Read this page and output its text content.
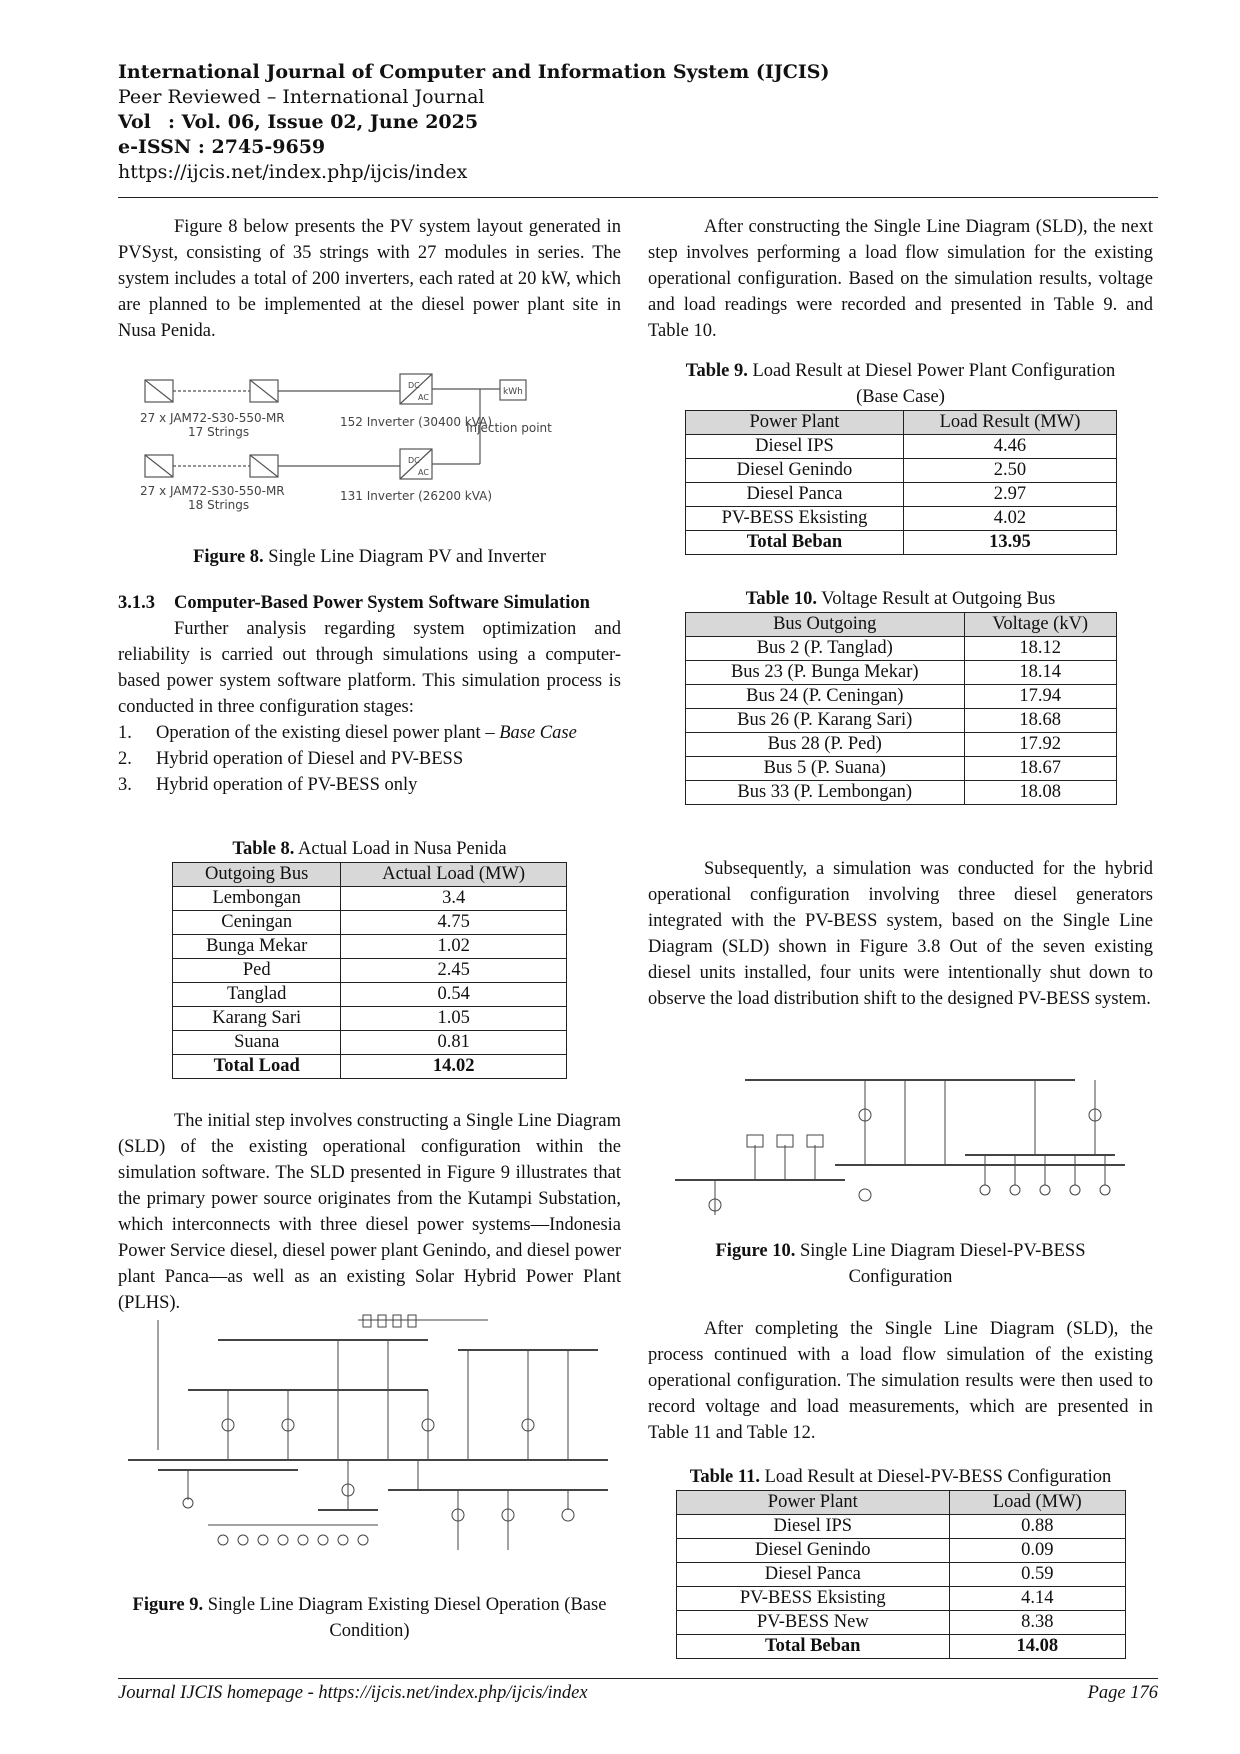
International Journal of Computer and Information System (IJCIS)
Peer Reviewed – International Journal
Vol : Vol. 06, Issue 02, June 2025
e-ISSN : 2745-9659
https://ijcis.net/index.php/ijcis/index

Figure 8 below presents the PV system layout generated in PVSyst, consisting of 35 strings with 27 modules in series. The system includes a total of 200 inverters, each rated at 20 kW, which are planned to be implemented at the diesel power plant site in Nusa Penida.

DC
AC
DC
AC
kWh
27 x JAM72-S30-550-MR
17 Strings
152 Inverter (30400 kVA)
Injection point
27 x JAM72-S30-550-MR
18 Strings
131 Inverter (26200 kVA)
Figure 8. Single Line Diagram PV and Inverter
3.1.3	Computer-Based Power System Software Simulation

Further analysis regarding system optimization and reliability is carried out through simulations using a computer-based power system software platform. This simulation process is conducted in three configuration stages:

1.	Operation of the existing diesel power plant – Base Case
2.	Hybrid operation of Diesel and PV-BESS
3.	Hybrid operation of PV-BESS only
Table 8. Actual Load in Nusa Penida
Outgoing Bus	Actual Load (MW)
Lembongan	3.4
Ceningan	4.75
Bunga Mekar	1.02
Ped	2.45
Tanglad	0.54
Karang Sari	1.05
Suana	0.81
Total Load	14.02

The initial step involves constructing a Single Line Diagram (SLD) of the existing operational configuration within the simulation software. The SLD presented in Figure 9 illustrates that the primary power source originates from the Kutampi Substation, which interconnects with three diesel power systems—Indonesia Power Service diesel, diesel power plant Genindo, and diesel power plant Panca—as well as an existing Solar Hybrid Power Plant (PLHS).

Figure 9. Single Line Diagram Existing Diesel Operation (Base Condition)

After constructing the Single Line Diagram (SLD), the next step involves performing a load flow simulation for the existing operational configuration. Based on the simulation results, voltage and load readings were recorded and presented in Table 9. and Table 10.

Table 9. Load Result at Diesel Power Plant Configuration
(Base Case)
Power Plant	Load Result (MW)
Diesel IPS	4.46
Diesel Genindo	2.50
Diesel Panca	2.97
PV-BESS Eksisting	4.02
Total Beban	13.95
Table 10. Voltage Result at Outgoing Bus
Bus Outgoing	Voltage (kV)
Bus 2 (P. Tanglad)	18.12
Bus 23 (P. Bunga Mekar)	18.14
Bus 24 (P. Ceningan)	17.94
Bus 26 (P. Karang Sari)	18.68
Bus 28 (P. Ped)	17.92
Bus 5 (P. Suana)	18.67
Bus 33 (P. Lembongan)	18.08

Subsequently, a simulation was conducted for the hybrid operational configuration involving three diesel generators integrated with the PV-BESS system, based on the Single Line Diagram (SLD) shown in Figure 3.8 Out of the seven existing diesel units installed, four units were intentionally shut down to observe the load distribution shift to the designed PV-BESS system.

Figure 10. Single Line Diagram Diesel-PV-BESS
Configuration

After completing the Single Line Diagram (SLD), the process continued with a load flow simulation of the existing operational configuration. The simulation results were then used to record voltage and load measurements, which are presented in Table 11 and Table 12.

Table 11. Load Result at Diesel-PV-BESS Configuration
Power Plant	Load (MW)
Diesel IPS	0.88
Diesel Genindo	0.09
Diesel Panca	0.59
PV-BESS Eksisting	4.14
PV-BESS New	8.38
Total Beban	14.08
Journal IJCIS homepage - https://ijcis.net/index.php/ijcis/index	Page 176
